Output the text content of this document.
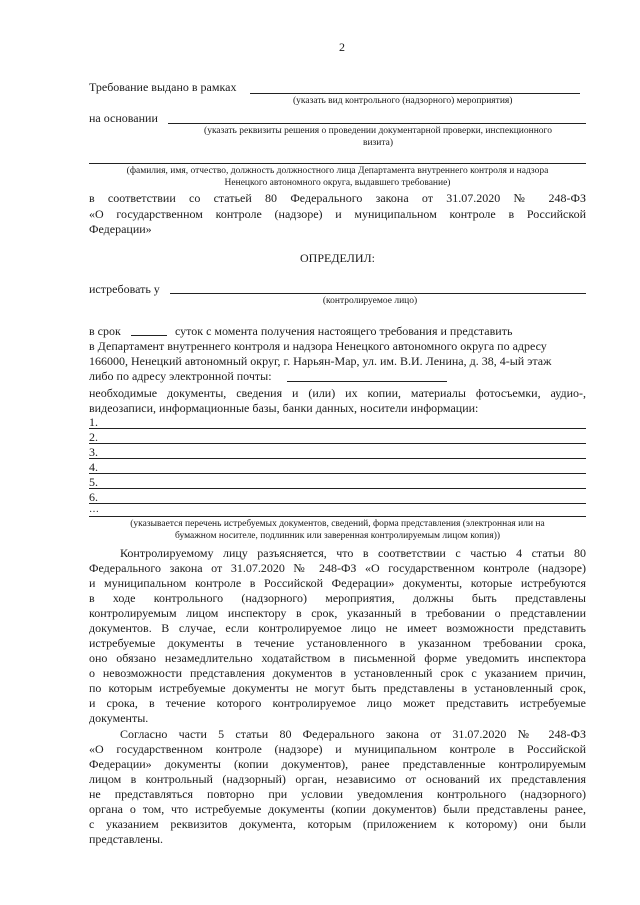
2
Требование выдано в рамках
(указать вид контрольного (надзорного) мероприятия)
на основании
(указать реквизиты решения о проведении документарной проверки, инспекционного
визита)
(фамилия, имя, отчество, должность должностного лица Департамента внутреннего контроля и надзора
Ненецкого автономного округа, выдавшего требование)
в соответствии со статьей 80 Федерального закона от 31.07.2020 № 248-ФЗ
«О государственном контроле (надзоре) и муниципальном контроле в Российской
Федерации»
ОПРЕДЕЛИЛ:
истребовать у
(контролируемое лицо)
в срок	суток с момента получения настоящего требования и представить
в Департамент внутреннего контроля и надзора Ненецкого автономного округа по адресу
166000, Ненецкий автономный округ, г. Нарьян-Мар, ул. им. В.И. Ленина, д. 38, 4-ый этаж
либо по адресу электронной почты:
необходимые документы, сведения и (или) их копии, материалы фотосъемки, аудио-,
видеозаписи, информационные базы, банки данных, носители информации:
1.
2.
3.
4.
5.
6.
…
(указывается перечень истребуемых документов, сведений, форма представления (электронная или на
бумажном носителе, подлинник или заверенная контролируемым лицом копия))
Контролируемому лицу разъясняется, что в соответствии с частью 4 статьи 80
Федерального закона от 31.07.2020 № 248-ФЗ «О государственном контроле (надзоре)
и муниципальном контроле в Российской Федерации» документы, которые истребуются
в ходе контрольного (надзорного) мероприятия, должны быть представлены
контролируемым лицом инспектору в срок, указанный в требовании о представлении
документов. В случае, если контролируемое лицо не имеет возможности представить
истребуемые документы в течение установленного в указанном требовании срока,
оно обязано незамедлительно ходатайством в письменной форме уведомить инспектора
о невозможности представления документов в установленный срок с указанием причин,
по которым истребуемые документы не могут быть представлены в установленный срок,
и срока, в течение которого контролируемое лицо может представить истребуемые
документы.
Согласно части 5 статьи 80 Федерального закона от 31.07.2020 № 248-ФЗ
«О государственном контроле (надзоре) и муниципальном контроле в Российской
Федерации» документы (копии документов), ранее представленные контролируемым
лицом в контрольный (надзорный) орган, независимо от оснований их представления
не представляться повторно при условии уведомления контрольного (надзорного)
органа о том, что истребуемые документы (копии документов) были представлены ранее,
с указанием реквизитов документа, которым (приложением к которому) они были
представлены.
